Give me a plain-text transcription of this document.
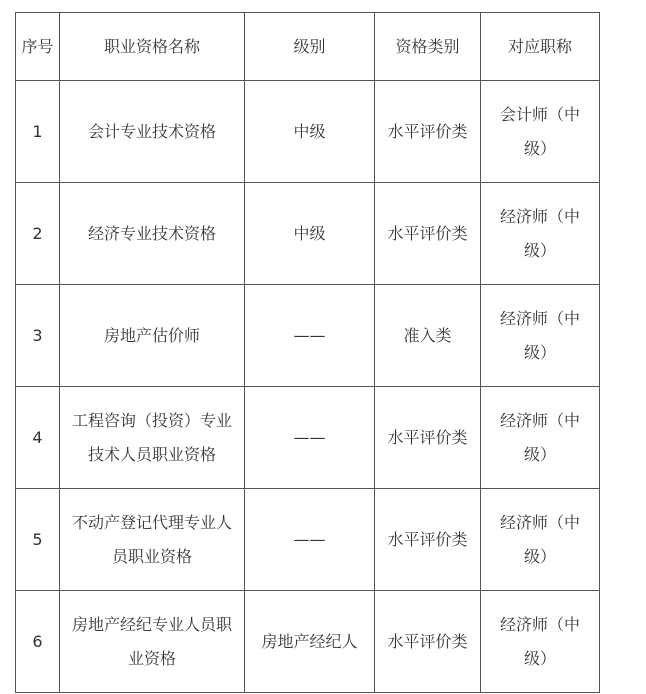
序号	职业资格名称	级别	资格类别	对应职称
1	会计专业技术资格	中级	水平评价类	会计师（中级）
2	经济专业技术资格	中级	水平评价类	经济师（中级）
3	房地产估价师	——	准入类	经济师（中级）
4	工程咨询（投资）专业技术人员职业资格	——	水平评价类	经济师（中级）
5	不动产登记代理专业人员职业资格	——	水平评价类	经济师（中级）
6	房地产经纪专业人员职业资格	房地产经纪人	水平评价类	经济师（中级）
